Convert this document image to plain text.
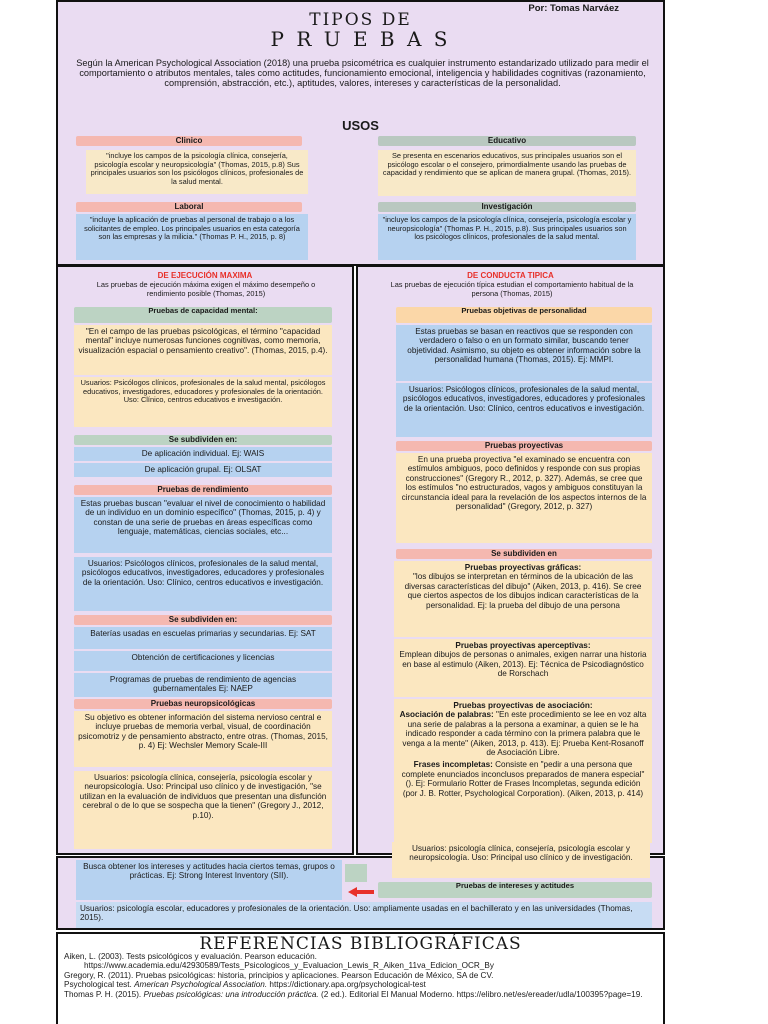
Por: Tomas Narváez
TIPOS DE
P R U E B A S
Según la American Psychological Association (2018) una prueba psicométrica es cualquier instrumento estandarizado utilizado para medir el comportamiento o atributos mentales, tales como actitudes, funcionamiento emocional, inteligencia y habilidades cognitivas (razonamiento, comprensión, abstracción, etc.), aptitudes, valores, intereses y características de la personalidad.
USOS
Clinico
"incluye los campos de la psicología clínica, consejería, psicología escolar y neuropsicología" (Thomas, 2015, p.8) Sus principales usuarios son los psicólogos clínicos, profesionales de la salud mental.
Educativo
Se presenta en escenarios educativos, sus principales usuarios son el psicólogo escolar o el consejero, primordialmente usando las pruebas de capacidad y rendimiento que se aplican de manera grupal. (Thomas, 2015).
Laboral
"incluye la aplicación de pruebas al personal de trabajo o a los solicitantes de empleo. Los principales usuarios en esta categoría son las empresas y la milicia." (Thomas P. H., 2015, p. 8)
Investigación
"incluye los campos de la psicología clínica, consejería, psicología escolar y neuropsicología" (Thomas P. H., 2015, p.8). Sus principales usuarios son los psicólogos clínicos, profesionales de la salud mental.
DE EJECUCIÓN MAXIMA
Las pruebas de ejecución máxima exigen el máximo desempeño o rendimiento posible (Thomas, 2015)
Pruebas de capacidad mental:
"En el campo de las pruebas psicológicas, el término "capacidad mental" incluye numerosas funciones cognitivas, como memoria, visualización espacial o pensamiento creativo". (Thomas, 2015, p.4).
Usuarios: Psicólogos clínicos, profesionales de la salud mental, psicólogos educativos, investigadores, educadores y profesionales de la orientación. Uso: Clínico, centros educativos e investigación.
Se subdividen en:
De aplicación individual. Ej: WAIS
De aplicación grupal. Ej: OLSAT
Pruebas de rendimiento
Estas pruebas buscan "evaluar el nivel de conocimiento o habilidad de un individuo en un dominio específico" (Thomas, 2015, p. 4) y constan de una serie de pruebas en áreas específicas como lenguaje, matemáticas, ciencias sociales, etc...
Usuarios: Psicólogos clínicos, profesionales de la salud mental, psicólogos educativos, investigadores, educadores y profesionales de la orientación. Uso: Clínico, centros educativos e investigación.
Se subdividen en:
Baterías usadas en escuelas primarias y secundarias. Ej: SAT
Obtención de certificaciones y licencias
Programas de pruebas de rendimiento de agencias gubernamentales Ej: NAEP
Pruebas neuropsicológicas
Su objetivo es obtener información del sistema nervioso central e incluye pruebas de memoria verbal, visual, de coordinación psicomotriz y de pensamiento abstracto, entre otras. (Thomas, 2015, p. 4) Ej: Wechsler Memory Scale-III
Usuarios: psicología clínica, consejería, psicología escolar y neuropsicología. Uso: Principal uso clínico y de investigación, "se utilizan en la evaluación de individuos que presentan una disfunción cerebral o de lo que se sospecha que la tienen" (Gregory J., 2012, p.10).
DE CONDUCTA TIPICA
Las pruebas de ejecución típica estudian el comportamiento habitual de la persona (Thomas, 2015)
Pruebas objetivas de personalidad
Estas pruebas se basan en reactivos que se responden con verdadero o falso o en un formato similar, buscando tener objetividad. Asimismo, su objeto es obtener información sobre la personalidad humana (Thomas, 2015). Ej: MMPI.
Usuarios: Psicólogos clínicos, profesionales de la salud mental, psicólogos educativos, investigadores, educadores y profesionales de la orientación. Uso: Clínico, centros educativos e investigación.
Pruebas proyectivas
En una prueba proyectiva "el examinado se encuentra con estímulos ambiguos, poco definidos y responde con sus propias construcciones" (Gregory R., 2012, p. 327). Además, se cree que los estímulos "no estructurados, vagos y ambiguos constituyan la circunstancia ideal para la revelación de los aspectos internos de la personalidad" (Gregory, 2012, p. 327)
Se subdividen en
Pruebas proyectivas gráficas:
"los dibujos se interpretan en términos de la ubicación de las diversas características del dibujo" (Aiken, 2013, p. 416). Se cree que ciertos aspectos de los dibujos indican características de la personalidad. Ej: la prueba del dibujo de una persona
Pruebas proyectivas aperceptivas:
Emplean dibujos de personas o animales, exigen narrar una historia en base al estimulo (Aiken, 2013). Ej: Técnica de Psicodiagnóstico de Rorschach
Pruebas proyectivas de asociación:
Asociación de palabras: "En este procedimiento se lee en voz alta una serie de palabras a la persona a examinar, a quien se le ha indicado responder a cada término con la primera palabra que le venga a la mente" (Aiken, 2013, p. 413). Ej: Prueba Kent-Rosanoff de Asociación Libre.
Frases incompletas: Consiste en "pedir a una persona que complete enunciados inconclusos preparados de manera especial" (). Ej: Formulario Rotter de Frases Incompletas, segunda edición (por J. B. Rotter, Psychological Corporation). (Aiken, 2013, p. 414)
Usuarios: psicología clínica, consejería, psicología escolar y neuropsicología. Uso: Principal uso clínico y de investigación.
Busca obtener los intereses y actitudes hacia ciertos temas, grupos o prácticas. Ej: Strong Interest Inventory (SII).
Pruebas de intereses y actitudes
Usuarios: psicología escolar, educadores y profesionales de la orientación. Uso: ampliamente usadas en el bachillerato y en las universidades (Thomas, 2015).
REFERENCIAS BIBLIOGRÁFICAS

Aiken, L. (2003). Tests psicológicos y evaluación. Pearson educación. https://www.academia.edu/42930589/Tests_Psicologicos_y_Evaluacion_Lewis_R_Aiken_11va_Edicion_OCR_By

Gregory, R. (2011). Pruebas psicológicas: historia, principios y aplicaciones. Pearson Educación de México, SA de CV.

Psychological test. American Psychological Association. https://dictionary.apa.org/psychological-test

Thomas P. H. (2015). Pruebas psicológicas: una introducción práctica. (2 ed.). Editorial El Manual Moderno. https://elibro.net/es/ereader/udla/100395?page=19.
